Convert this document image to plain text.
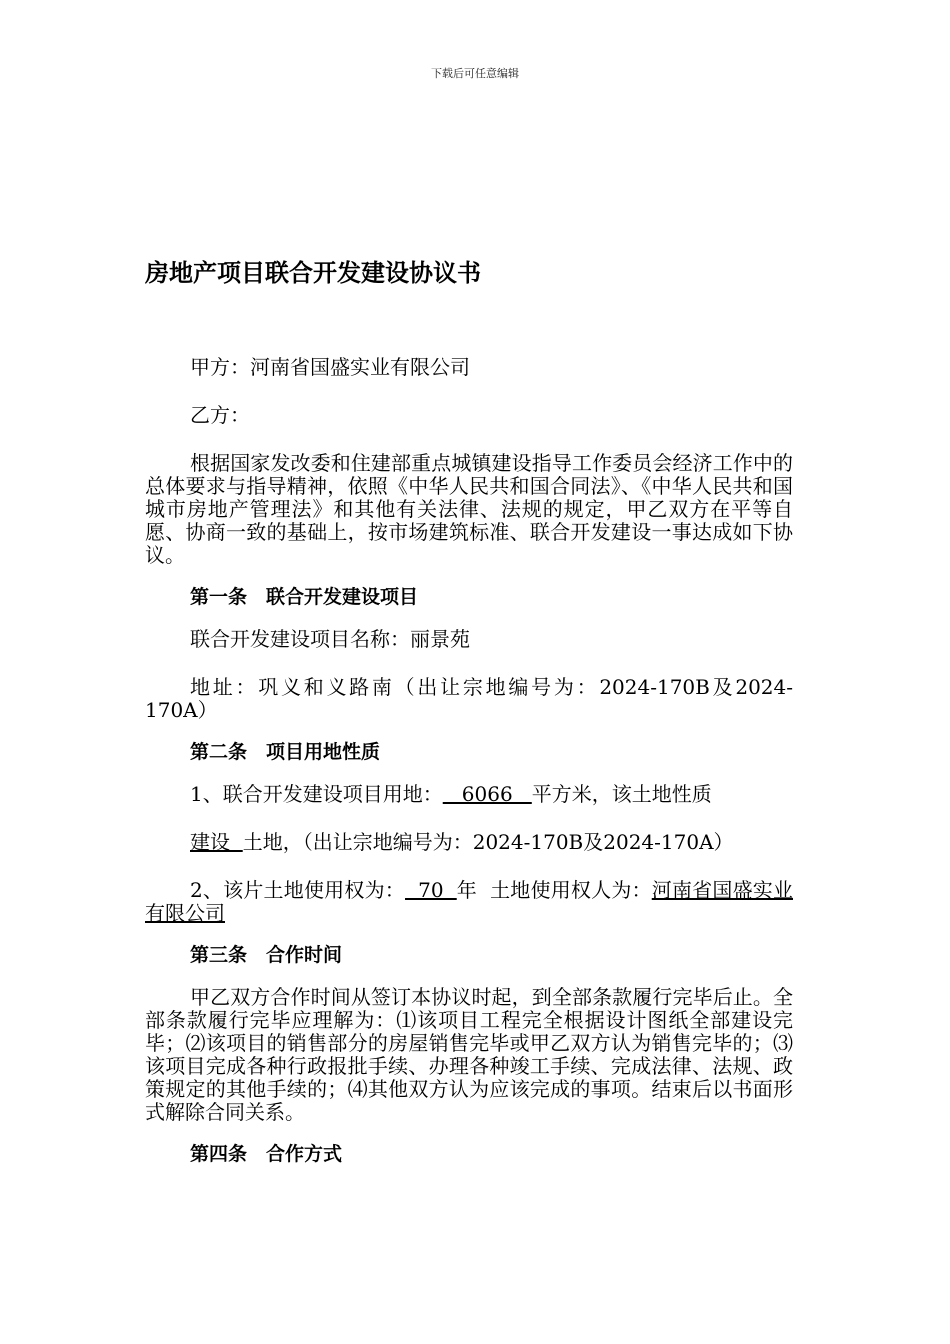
下载后可任意编辑
房地产项目联合开发建设协议书

甲方：河南省国盛实业有限公司

乙方：

根据国家发改委和住建部重点城镇建设指导工作委员会经济工作中的总体要求与指导精神，依照《中华人民共和国合同法》、《中华人民共和国城市房地产管理法》和其他有关法律、法规的规定，甲乙双方在平等自愿、协商一致的基础上，按市场建筑标准、联合开发建设一事达成如下协议。

第一条　联合开发建设项目

联合开发建设项目名称：丽景苑

地址：巩义和义路南（出让宗地编号为：2024-170B及2024-170A）

第二条　项目用地性质

1、联合开发建设项目用地：   6066   平方米，该土地性质

建设  土地，（出让宗地编号为：2024-170B及2024-170A）

2、该片土地使用权为：  70  年  土地使用权人为：河南省国盛实业有限公司

第三条　合作时间

甲乙双方合作时间从签订本协议时起，到全部条款履行完毕后止。全部条款履行完毕应理解为：⑴该项目工程完全根据设计图纸全部建设完毕；⑵该项目的销售部分的房屋销售完毕或甲乙双方认为销售完毕的；⑶该项目完成各种行政报批手续、办理各种竣工手续、完成法律、法规、政策规定的其他手续的；⑷其他双方认为应该完成的事项。结束后以书面形式解除合同关系。

第四条　合作方式
